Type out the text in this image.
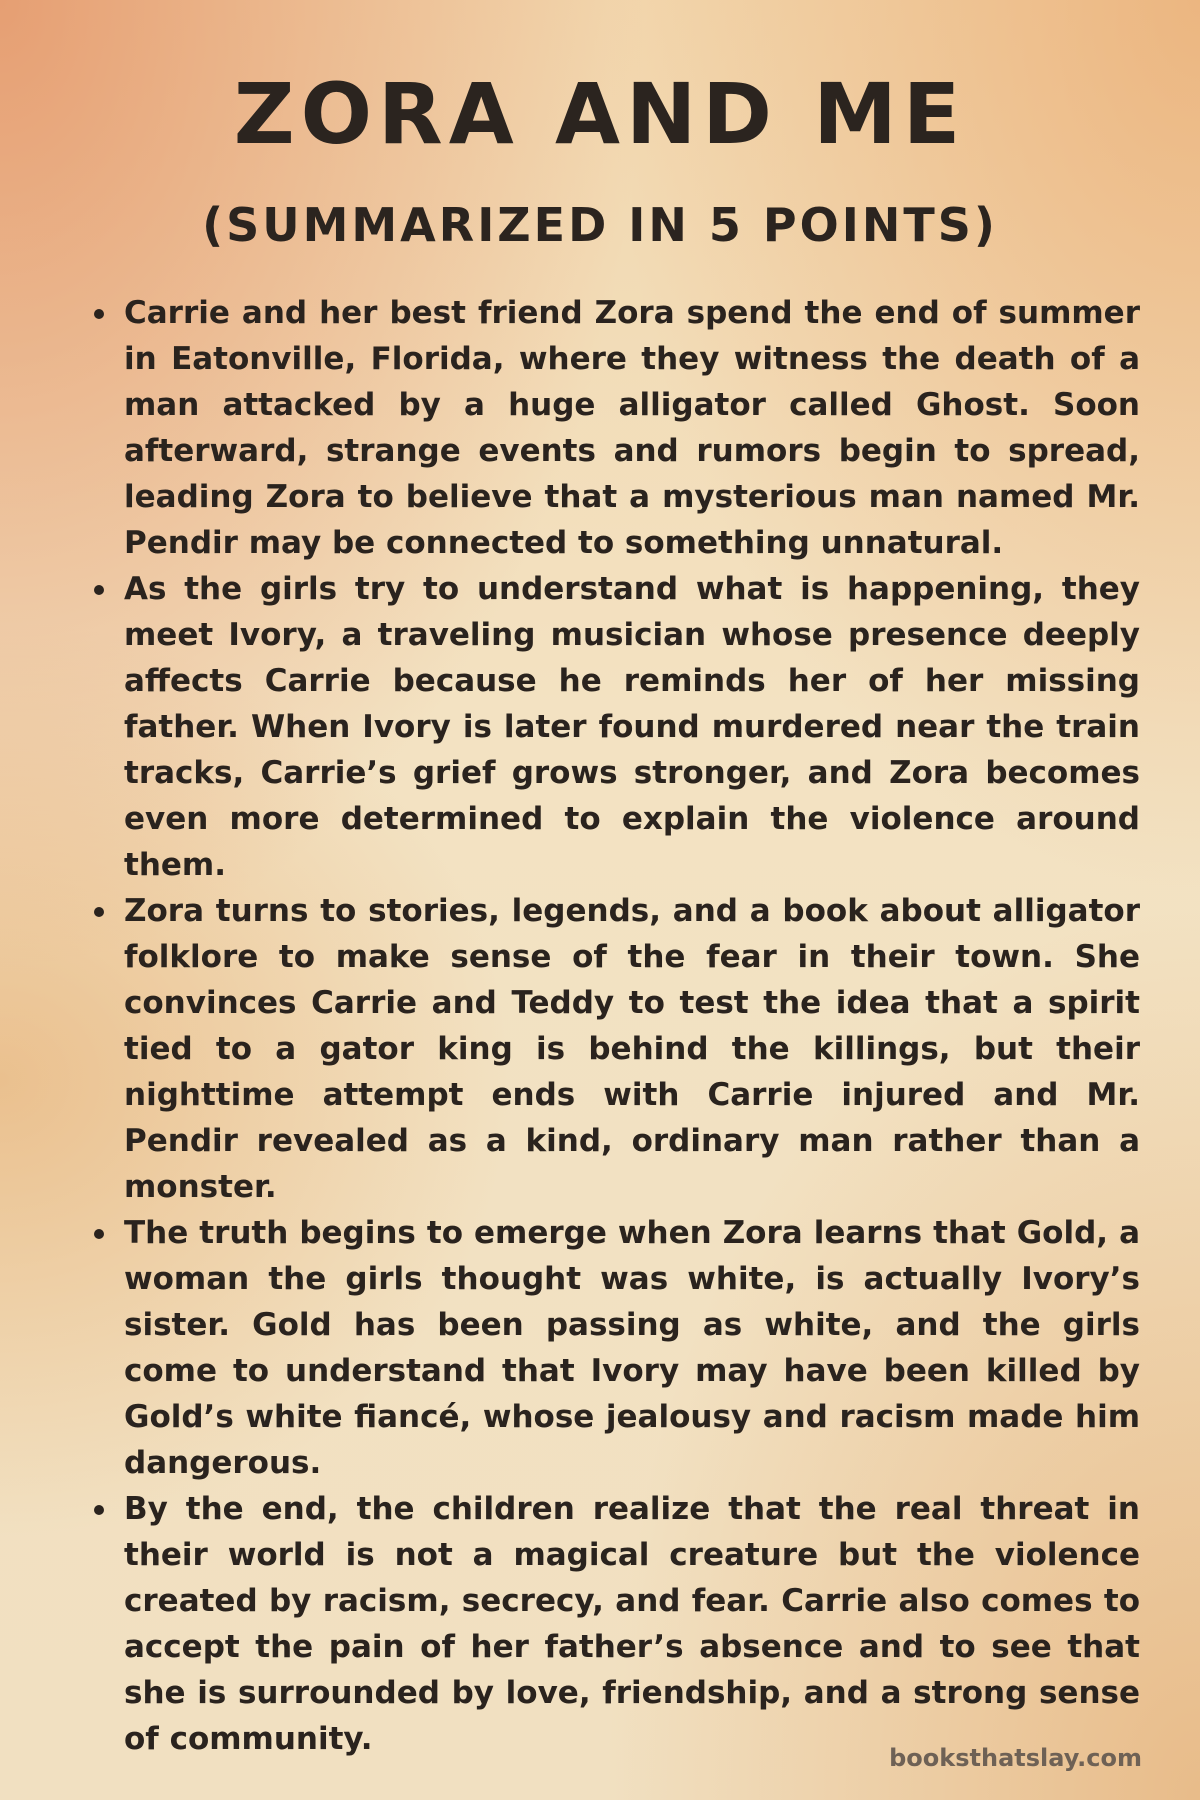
ZORA AND ME
(SUMMARIZED IN 5 POINTS)
Carrie and her best friend Zora spend the end of summer in Eatonville, Florida, where they witness the death of a man attacked by a huge alligator called Ghost. Soon afterward, strange events and rumors begin to spread, leading Zora to believe that a mysterious man named Mr. Pendir may be connected to something unnatural.
As the girls try to understand what is happening, they meet Ivory, a traveling musician whose presence deeply affects Carrie because he reminds her of her missing father. When Ivory is later found murdered near the train tracks, Carrie’s grief grows stronger, and Zora becomes even more determined to explain the violence around them.
Zora turns to stories, legends, and a book about alligator folklore to make sense of the fear in their town. She convinces Carrie and Teddy to test the idea that a spirit tied to a gator king is behind the killings, but their nighttime attempt ends with Carrie injured and Mr. Pendir revealed as a kind, ordinary man rather than a monster.
The truth begins to emerge when Zora learns that Gold, a woman the girls thought was white, is actually Ivory’s sister. Gold has been passing as white, and the girls come to understand that Ivory may have been killed by Gold’s white fiancé, whose jealousy and racism made him dangerous.
By the end, the children realize that the real threat in their world is not a magical creature but the violence created by racism, secrecy, and fear. Carrie also comes to accept the pain of her father’s absence and to see that she is surrounded by love, friendship, and a strong sense of community.
booksthatslay.com
